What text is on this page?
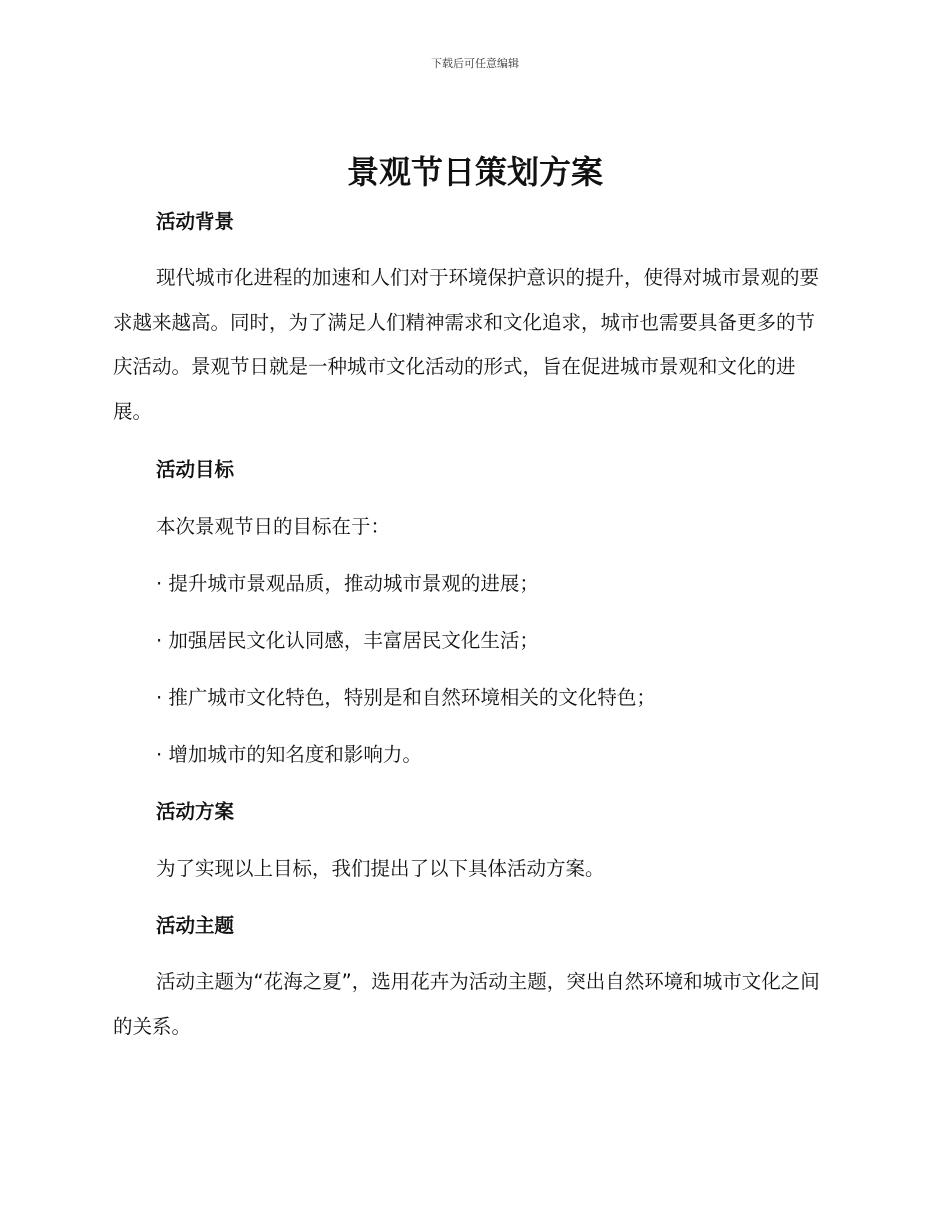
下载后可任意编辑
景观节日策划方案

活动背景

现代城市化进程的加速和人们对于环境保护意识的提升，使得对城市景观的要求越来越高。同时，为了满足人们精神需求和文化追求，城市也需要具备更多的节庆活动。景观节日就是一种城市文化活动的形式，旨在促进城市景观和文化的进展。

活动目标

本次景观节日的目标在于：

· 提升城市景观品质，推动城市景观的进展；

· 加强居民文化认同感，丰富居民文化生活；

· 推广城市文化特色，特别是和自然环境相关的文化特色；

· 增加城市的知名度和影响力。

活动方案

为了实现以上目标，我们提出了以下具体活动方案。

活动主题

活动主题为“花海之夏”，选用花卉为活动主题，突出自然环境和城市文化之间的关系。
